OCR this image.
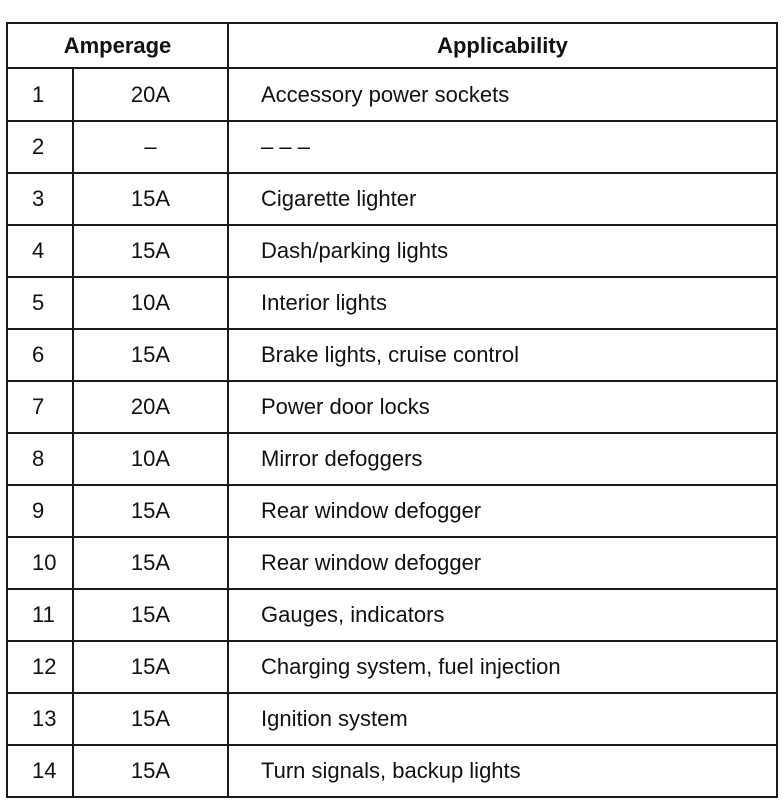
Amperage		Applicability
1	20A	Accessory power sockets
2	–	– – –
3	15A	Cigarette lighter
4	15A	Dash/parking lights
5	10A	Interior lights
6	15A	Brake lights, cruise control
7	20A	Power door locks
8	10A	Mirror defoggers
9	15A	Rear window defogger
10	15A	Rear window defogger
11	15A	Gauges, indicators
12	15A	Charging system, fuel injection
13	15A	Ignition system
14	15A	Turn signals, backup lights
